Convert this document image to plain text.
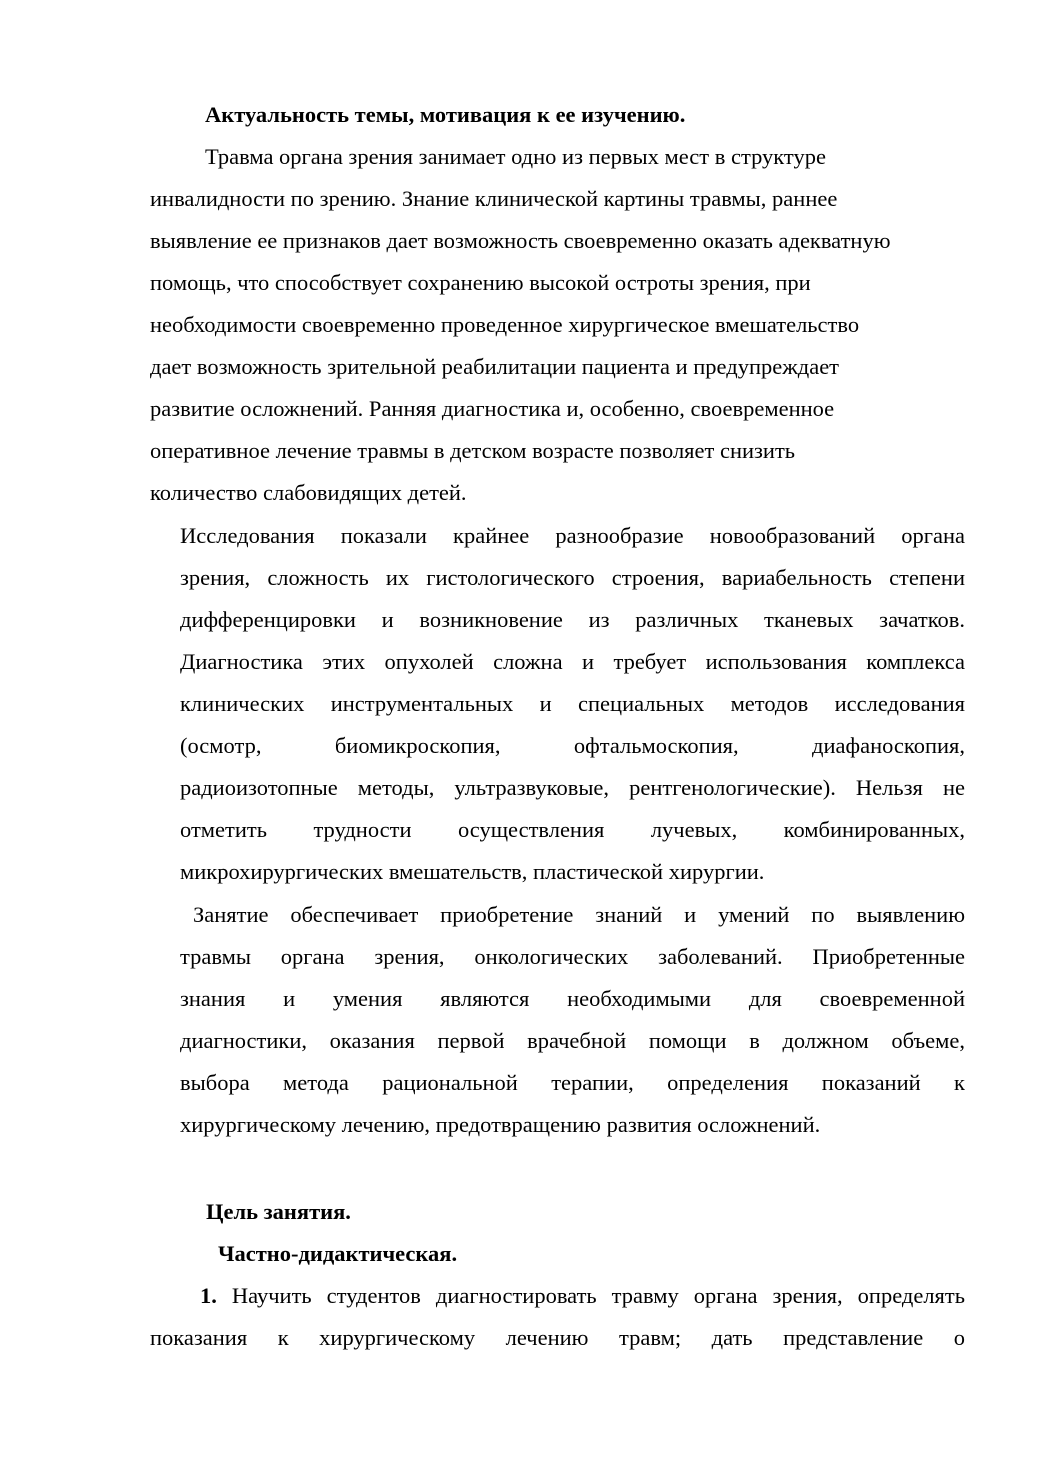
Актуальность темы, мотивация к ее изучению.

Травма органа зрения занимает одно из первых мест в структуре

инвалидности по зрению. Знание клинической картины травмы, раннее

выявление ее признаков дает возможность своевременно оказать адекватную

помощь, что способствует сохранению высокой остроты зрения, при

необходимости своевременно проведенное хирургическое вмешательство

дает возможность зрительной реабилитации пациента и предупреждает

развитие осложнений. Ранняя диагностика и, особенно, своевременное

оперативное лечение травмы в детском возрасте позволяет снизить

количество слабовидящих детей.

Исследования показали крайнее разнообразие новообразований органа

зрения, сложность их гистологического строения, вариабельность степени

дифференцировки и возникновение из различных тканевых зачатков.

Диагностика этих опухолей сложна и требует использования комплекса

клинических инструментальных и специальных методов исследования

(осмотр, биомикроскопия, офтальмоскопия, диафаноскопия,

радиоизотопные методы, ультразвуковые, рентгенологические). Нельзя не

отметить трудности осуществления лучевых, комбинированных,

микрохирургических вмешательств, пластической хирургии.

Занятие обеспечивает приобретение знаний и умений по выявлению

травмы органа зрения, онкологических заболеваний. Приобретенные

знания и умения являются необходимыми для своевременной

диагностики, оказания первой врачебной помощи в должном объеме,

выбора метода рациональной терапии, определения показаний к

хирургическому лечению, предотвращению развития осложнений.

Цель занятия.

Частно-дидактическая.

1. Научить студентов диагностировать травму органа зрения, определять

показания к хирургическому лечению травм; дать представление о
